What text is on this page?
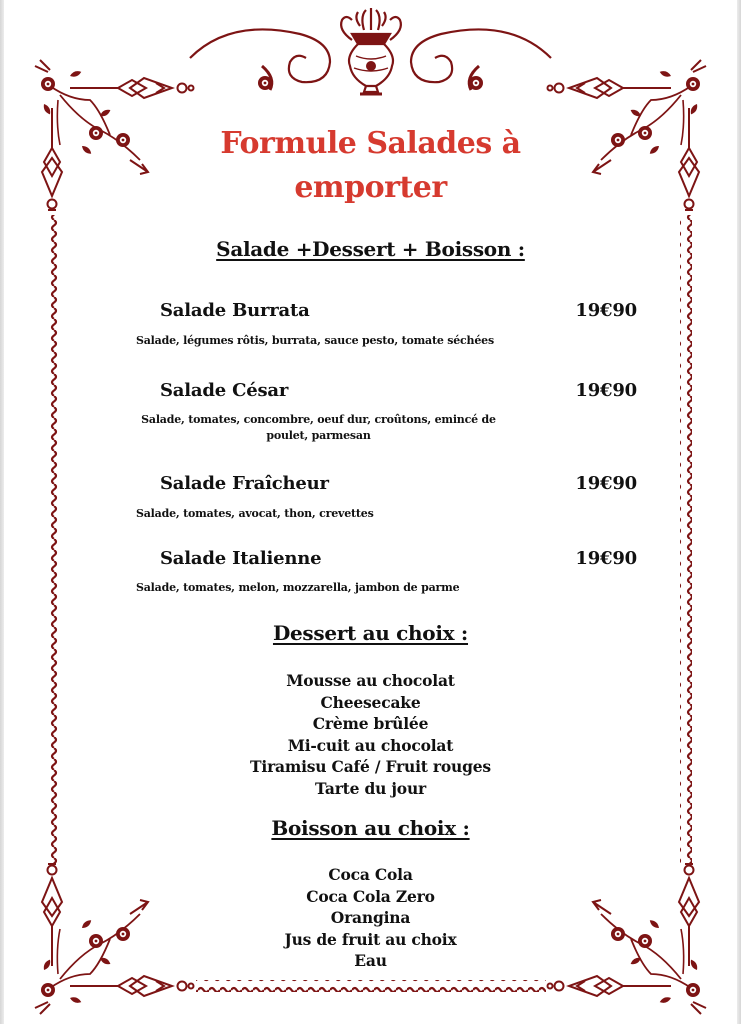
Formule Salades à
emporter
Salade +Dessert + Boisson :
Salade Burrata	19€90
Salade, légumes rôtis, burrata, sauce pesto, tomate séchées
Salade César	19€90
Salade, tomates, concombre, oeuf dur, croûtons, emincé de poulet, parmesan
Salade Fraîcheur	19€90
Salade, tomates, avocat, thon, crevettes
Salade Italienne	19€90
Salade, tomates, melon, mozzarella, jambon de parme
Dessert au choix :
Mousse au chocolat
Cheesecake
Crème brûlée
Mi-cuit au chocolat
Tiramisu Café / Fruit rouges
Tarte du jour
Boisson au choix :
Coca Cola
Coca Cola Zero
Orangina
Jus de fruit au choix
Eau
